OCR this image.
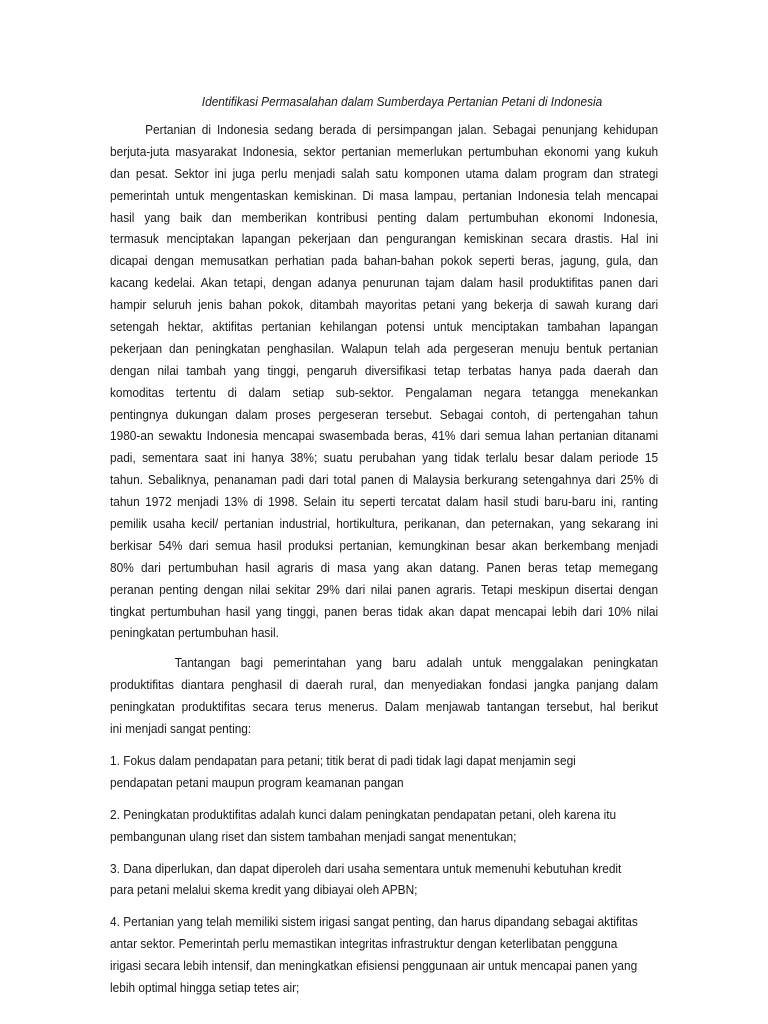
Identifikasi Permasalahan dalam Sumberdaya Pertanian Petani di Indonesia
Pertanian di Indonesia sedang berada di persimpangan jalan. Sebagai penunjang kehidupan
berjuta-juta masyarakat Indonesia, sektor pertanian memerlukan pertumbuhan ekonomi yang kukuh
dan pesat. Sektor ini juga perlu menjadi salah satu komponen utama dalam program dan strategi
pemerintah untuk mengentaskan kemiskinan. Di masa lampau, pertanian Indonesia telah mencapai
hasil yang baik dan memberikan kontribusi penting dalam pertumbuhan ekonomi Indonesia,
termasuk menciptakan lapangan pekerjaan dan pengurangan kemiskinan secara drastis. Hal ini
dicapai dengan memusatkan perhatian pada bahan-bahan pokok seperti beras, jagung, gula, dan
kacang kedelai. Akan tetapi, dengan adanya penurunan tajam dalam hasil produktifitas panen dari
hampir seluruh jenis bahan pokok, ditambah mayoritas petani yang bekerja di sawah kurang dari
setengah hektar, aktifitas pertanian kehilangan potensi untuk menciptakan tambahan lapangan
pekerjaan dan peningkatan penghasilan. Walapun telah ada pergeseran menuju bentuk pertanian
dengan nilai tambah yang tinggi, pengaruh diversifikasi tetap terbatas hanya pada daerah dan
komoditas tertentu di dalam setiap sub-sektor. Pengalaman negara tetangga menekankan
pentingnya dukungan dalam proses pergeseran tersebut. Sebagai contoh, di pertengahan tahun
1980-an sewaktu Indonesia mencapai swasembada beras, 41% dari semua lahan pertanian ditanami
padi, sementara saat ini hanya 38%; suatu perubahan yang tidak terlalu besar dalam periode 15
tahun. Sebaliknya, penanaman padi dari total panen di Malaysia berkurang setengahnya dari 25% di
tahun 1972 menjadi 13% di 1998. Selain itu seperti tercatat dalam hasil studi baru-baru ini, ranting
pemilik usaha kecil/ pertanian industrial, hortikultura, perikanan, dan peternakan, yang sekarang ini
berkisar 54% dari semua hasil produksi pertanian, kemungkinan besar akan berkembang menjadi
80% dari pertumbuhan hasil agraris di masa yang akan datang. Panen beras tetap memegang
peranan penting dengan nilai sekitar 29% dari nilai panen agraris. Tetapi meskipun disertai dengan
tingkat pertumbuhan hasil yang tinggi, panen beras tidak akan dapat mencapai lebih dari 10% nilai
peningkatan pertumbuhan hasil.
Tantangan bagi pemerintahan yang baru adalah untuk menggalakan peningkatan
produktifitas diantara penghasil di daerah rural, dan menyediakan fondasi jangka panjang dalam
peningkatan produktifitas secara terus menerus. Dalam menjawab tantangan tersebut, hal berikut
ini menjadi sangat penting:
1. Fokus dalam pendapatan para petani; titik berat di padi tidak lagi dapat menjamin segi
pendapatan petani maupun program keamanan pangan
2. Peningkatan produktifitas adalah kunci dalam peningkatan pendapatan petani, oleh karena itu
pembangunan ulang riset dan sistem tambahan menjadi sangat menentukan;
3. Dana diperlukan, dan dapat diperoleh dari usaha sementara untuk memenuhi kebutuhan kredit
para petani melalui skema kredit yang dibiayai oleh APBN;
4. Pertanian yang telah memiliki sistem irigasi sangat penting, dan harus dipandang sebagai aktifitas
antar sektor. Pemerintah perlu memastikan integritas infrastruktur dengan keterlibatan pengguna
irigasi secara lebih intensif, dan meningkatkan efisiensi penggunaan air untuk mencapai panen yang
lebih optimal hingga setiap tetes air;
